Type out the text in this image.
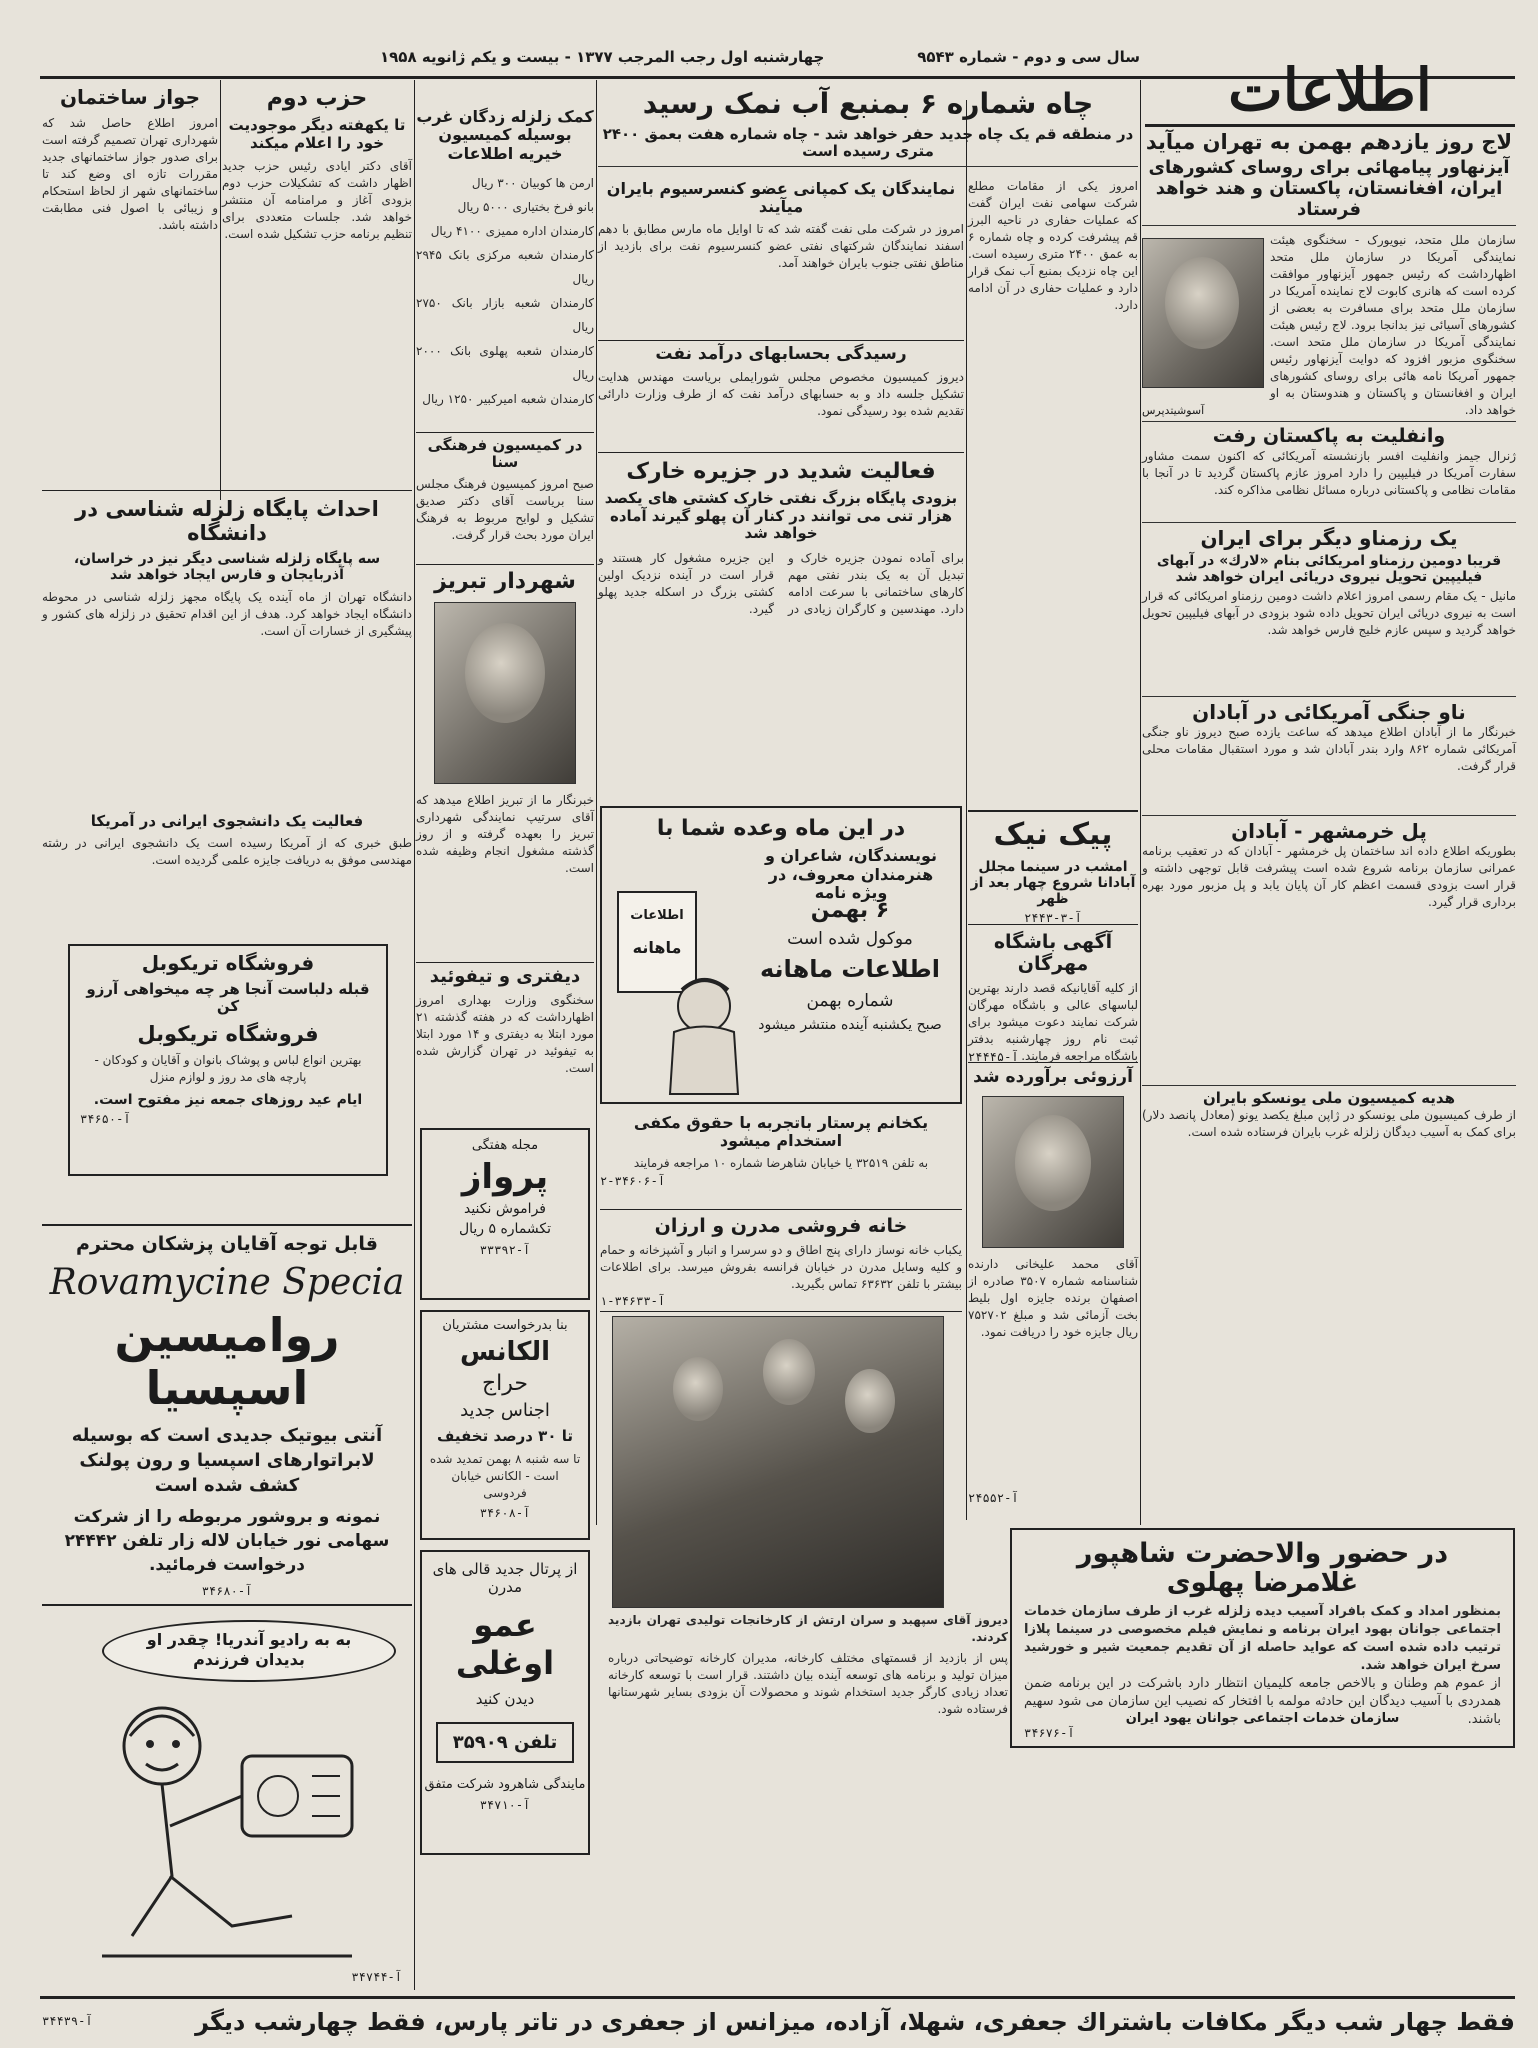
سال سی و دوم - شماره ۹۵۴۳
چهارشنبه اول رجب المرجب ۱۳۷۷ - بیست و یکم ژانویه ۱۹۵۸	اطلاعات

لاج روز یازدهم بهمن به تهران میآید

آیزنهاور پیامهائی برای روسای کشورهای ایران، افغانستان، پاکستان و هند خواهد فرستاد

سازمان ملل متحد، نیویورک - سخنگوی هیئت نمایندگی آمریکا در سازمان ملل متحد اظهارداشت که رئیس جمهور آیزنهاور موافقت کرده است که هانری کابوت لاج نماینده آمریکا در سازمان ملل متحد برای مسافرت به بعضی از کشورهای آسیائی نیز بدانجا برود. لاج رئیس هیئت نمایندگی آمریکا در سازمان ملل متحد است. سخنگوی مزبور افزود که دوایت آیزنهاور رئیس جمهور آمریکا نامه هائی برای روسای کشورهای ایران و افغانستان و پاکستان و هندوستان به او خواهد داد.

آسوشیتدپرس

وانفلیت به پاکستان رفت

ژنرال جیمز وانفلیت افسر بازنشسته آمریکائی که اکنون سمت مشاور سفارت آمریکا در فیلیپین را دارد امروز عازم پاکستان گردید تا در آنجا با مقامات نظامی و پاکستانی درباره مسائل نظامی مذاکره کند.

یک رزمناو دیگر برای ایران

قریبا دومین رزمناو امریکائی بنام «لارك» در آبهای فیلیپین تحویل نیروی دریائی ایران خواهد شد

مانیل - یک مقام رسمی امروز اعلام داشت دومین رزمناو امریکائی که قرار است به نیروی دریائی ایران تحویل داده شود بزودی در آبهای فیلیپین تحویل خواهد گردید و سپس عازم خلیج فارس خواهد شد.

ناو جنگی آمریکائی در آبادان

خبرنگار ما از آبادان اطلاع میدهد که ساعت یازده صبح دیروز ناو جنگی آمریکائی شماره ۸۶۲ وارد بندر آبادان شد و مورد استقبال مقامات محلی قرار گرفت.

پل خرمشهر - آبادان

بطوریکه اطلاع داده اند ساختمان پل خرمشهر - آبادان که در تعقیب برنامه عمرانی سازمان برنامه شروع شده است پیشرفت قابل توجهی داشته و قرار است بزودی قسمت اعظم کار آن پایان یابد و پل مزبور مورد بهره برداری قرار گیرد.

هدیه کمیسیون ملی یونسکو بایران

از طرف کمیسیون ملی یونسکو در ژاپن مبلغ یکصد یونو (معادل پانصد دلار) برای کمک به آسیب دیدگان زلزله غرب بایران فرستاده شده است.

در حضور والاحضرت شاهپور

غلامرضا پهلوی

بمنظور امداد و کمک بافراد آسیب دیده زلزله غرب از طرف سازمان خدمات اجتماعی جوانان بهود ایران برنامه و نمایش فیلم مخصوصی در سینما پلازا ترتیب داده شده است که عواید حاصله از آن تقدیم جمعیت شیر و خورشید سرخ ایران خواهد شد.

از عموم هم وطنان و بالاخص جامعه کلیمیان انتظار دارد باشرکت در این برنامه ضمن همدردی با آسیب دیدگان این حادثه مولمه با افتخار که نصیب این سازمان می شود سهیم باشند.

سازمان خدمات اجتماعی جوانان یهود ایران
آ-۳۴۶۷۶

چاه شماره ۶ بمنبع آب نمک رسید

در منطقه قم یک چاه جدید حفر خواهد شد - چاه شماره هفت بعمق ۲۴۰۰ متری رسیده است

امروز یکی از مقامات مطلع شرکت سهامی نفت ایران گفت که عملیات حفاری در ناحیه البرز قم پیشرفت کرده و چاه شماره ۶ به عمق ۲۴۰۰ متری رسیده است. این چاه نزدیک بمنبع آب نمک قرار دارد و عملیات حفاری در آن ادامه دارد.

پیک نیک

امشب در سینما مجلل آبادانا شروع چهار بعد از ظهر

آ-۳-۲۴۴۳

آگهی باشگاه مهرگان

از کلیه آقایانیکه قصد دارند بهترین لباسهای عالی و باشگاه مهرگان شرکت نمایند دعوت میشود برای ثبت نام روز چهارشنبه بدفتر باشگاه مراجعه فرمایند.

آ-۲۴۴۴۵

آرزوئی برآورده شد

آقای محمد علیخانی دارنده شناسنامه شماره ۳۵۰۷ صادره از اصفهان برنده جایزه اول بلیط بخت آزمائی شد و مبلغ ۷۵۲۷۰۲ ریال جایزه خود را دریافت نمود.

آ-۲۴۵۵۲

نمایندگان یک کمپانی عضو کنسرسیوم بایران میآیند

امروز در شرکت ملی نفت گفته شد که تا اوایل ماه مارس مطابق با دهم اسفند نمایندگان شرکتهای نفتی عضو کنسرسیوم نفت برای بازدید از مناطق نفتی جنوب بایران خواهند آمد.

رسیدگی بحسابهای درآمد نفت

دیروز کمیسیون مخصوص مجلس شورایملی بریاست مهندس هدایت تشکیل جلسه داد و به حسابهای درآمد نفت که از طرف وزارت دارائی تقدیم شده بود رسیدگی نمود.

فعالیت شدید در جزیره خارک

بزودی پایگاه بزرگ نفتی خارک کشتی های یکصد هزار تنی می توانند در کنار آن پهلو گیرند آماده خواهد شد

برای آماده نمودن جزیره خارک و تبدیل آن به یک بندر نفتی مهم کارهای ساختمانی با سرعت ادامه دارد. مهندسین و کارگران زیادی در این جزیره مشغول کار هستند و قرار است در آینده نزدیک اولین کشتی بزرگ در اسکله جدید پهلو گیرد.

در این ماه وعده شما با

نویسندگان، شاعران و هنرمندان معروف، در ویژه نامه

اطلاعات
ماهانه
۶ بهمن
موکول شده است
اطلاعات ماهانه
شماره بهمن
صبح یکشنبه آینده منتشر میشود

یکخانم پرستار باتجربه با حقوق مکفی استخدام میشود

به تلفن ۳۲۵۱۹ یا خیابان شاهرضا شماره ۱۰ مراجعه فرمایند

آ-۳۴۶۰۶-۲

خانه فروشی مدرن و ارزان

یکباب خانه نوساز دارای پنج اطاق و دو سرسرا و انبار و آشپزخانه و حمام و کلیه وسایل مدرن در خیابان فرانسه بفروش میرسد. برای اطلاعات بیشتر با تلفن ۶۳۶۳۲ تماس بگیرید.

آ-۳۴۶۳۳-۱

دیروز آقای سپهبد و سران ارتش از کارخانجات تولیدی تهران بازدید کردند.

پس از بازدید از قسمتهای مختلف کارخانه، مدیران کارخانه توضیحاتی درباره میزان تولید و برنامه های توسعه آینده بیان داشتند. قرار است با توسعه کارخانه تعداد زیادی کارگر جدید استخدام شوند و محصولات آن بزودی بسایر شهرستانها فرستاده شود.

کمک زلزله زدگان غرب بوسیله کمیسیون خیریه اطلاعات

ارمن ها کوبیان ۳۰۰ ریال
بانو فرخ بختیاری ۵۰۰۰ ریال
کارمندان اداره ممیزی ۴۱۰۰ ریال
کارمندان شعبه مرکزی بانک ۲۹۴۵ ریال
کارمندان شعبه بازار بانک ۲۷۵۰ ریال
کارمندان شعبه پهلوی بانک ۲۰۰۰ ریال
کارمندان شعبه امیرکبیر ۱۲۵۰ ریال

در کمیسیون فرهنگی سنا

صبح امروز کمیسیون فرهنگ مجلس سنا بریاست آقای دکتر صدیق تشکیل و لوایح مربوط به فرهنگ ایران مورد بحث قرار گرفت.

شهردار تبریز

خبرنگار ما از تبریز اطلاع میدهد که آقای سرتیپ نمایندگی شهرداری تبریز را بعهده گرفته و از روز گذشته مشغول انجام وظیفه شده است.

دیفتری و تیفوئید

سخنگوی وزارت بهداری امروز اظهارداشت که در هفته گذشته ۲۱ مورد ابتلا به دیفتری و ۱۴ مورد ابتلا به تیفوئید در تهران گزارش شده است.

مجله هفتگی
پرواز
فراموش نکنید
تکشماره ۵ ریال
آ-۳۳۳۹۲
بنا بدرخواست مشتریان
الکانس
حراج
اجناس جدید
تا ۳۰ درصد تخفیف
تا سه شنبه ۸ بهمن تمدید شده است - الکانس خیابان فردوسی
آ-۳۴۶۰۸
از پرتال جدید قالی های مدرن
عمو اوغلی
دیدن کنید
تلفن ۳۵۹۰۹
مایندگی شاهرود شرکت متفق
آ-۳۴۷۱۰

جواز ساختمان

امروز اطلاع حاصل شد که شهرداری تهران تصمیم گرفته است برای صدور جواز ساختمانهای جدید مقررات تازه ای وضع کند تا ساختمانهای شهر از لحاظ استحکام و زیبائی با اصول فنی مطابقت داشته باشد.

حزب دوم

تا یکهفته دیگر موجودیت خود را اعلام میکند

آقای دکتر ایادی رئیس حزب جدید اظهار داشت که تشکیلات حزب دوم بزودی آغاز و مرامنامه آن منتشر خواهد شد. جلسات متعددی برای تنظیم برنامه حزب تشکیل شده است.

احداث پایگاه زلزله شناسی در دانشگاه

سه پایگاه زلزله شناسی دیگر نیز در خراسان، آذربایجان و فارس ایجاد خواهد شد

دانشگاه تهران از ماه آینده یک پایگاه مجهز زلزله شناسی در محوطه دانشگاه ایجاد خواهد کرد. هدف از این اقدام تحقیق در زلزله های کشور و پیشگیری از خسارات آن است.

فعالیت یک دانشجوی ایرانی در آمریکا

طبق خبری که از آمریکا رسیده است یک دانشجوی ایرانی در رشته مهندسی موفق به دریافت جایزه علمی گردیده است.

فروشگاه تریکوبل

قبله دلباست آنجا هر چه میخواهی آرزو کن

فروشگاه تریکوبل

بهترین انواع لباس و پوشاک بانوان و آقایان و کودکان - پارچه های مد روز و لوازم منزل

ایام عید روزهای جمعه نیز مفتوح است.

آ-۳۴۶۵۰

قابل توجه آقایان پزشکان محترم

Rovamycine Specia

روامیسین اسپسیا

آنتی بیوتیک جدیدی است که بوسیله لابراتوارهای اسپسیا و رون پولنک کشف شده است

نمونه و بروشور مربوطه را از شرکت سهامی نور خیابان لاله زار تلفن ۲۴۴۴۲ درخواست فرمائید.

آ-۳۴۶۸۰
به به رادیو آندریا! چقدر او بدیدان فرزندم
آ-۳۴۷۴۴
فقط چهار شب دیگر مکافات باشتراك جعفری، شهلا، آزاده، میزانس از جعفری در تاتر پارس، فقط چهارشب دیگر
آ-۳۴۴۳۹
